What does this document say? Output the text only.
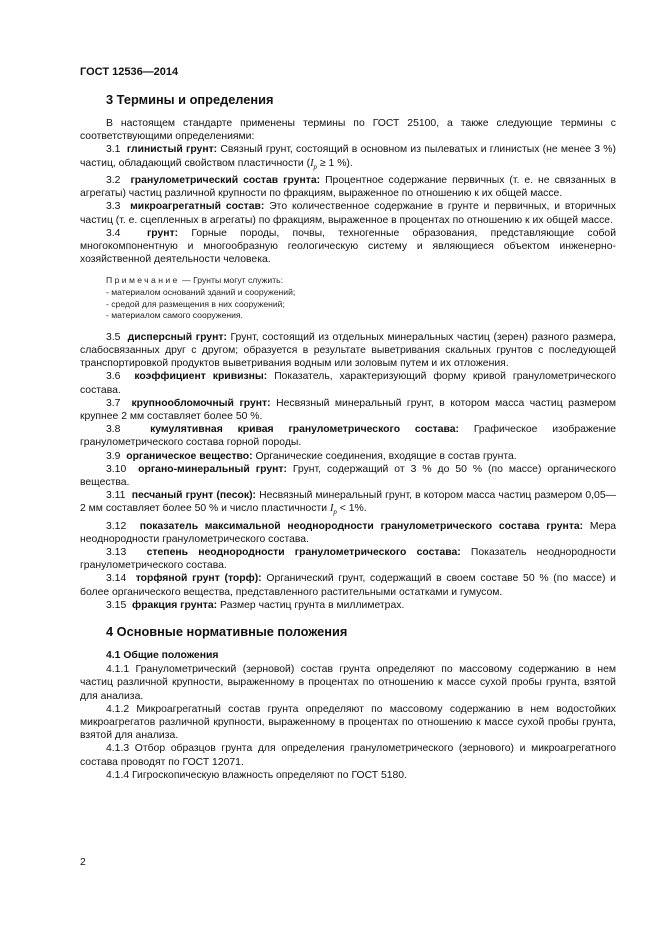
ГОСТ 12536—2014
3 Термины и определения

В настоящем стандарте применены термины по ГОСТ 25100, а также следующие термины с соответствующими определениями:

3.1 глинистый грунт: Связный грунт, состоящий в основном из пылеватых и глинистых (не менее 3 %) частиц, обладающий свойством пластичности ($I_p \ge 1$ %).

3.2 гранулометрический состав грунта: Процентное содержание первичных (т. е. не связанных в агрегаты) частиц различной крупности по фракциям, выраженное по отношению к их общей массе.

3.3 микроагрегатный состав: Это количественное содержание в грунте и первичных, и вторичных частиц (т. е. сцепленных в агрегаты) по фракциям, выраженное в процентах по отношению к их общей массе.

3.4	грунт: Горные породы, почвы, техногенные образования, представляющие собой многокомпонентную и многообразную геологическую систему и являющиеся объектом инженерно-хозяйственной деятельности человека.

Примечание — Грунты могут служить:
- материалом оснований зданий и сооружений;
- средой для размещения в них сооружений;
- материалом самого сооружения.

3.5 дисперсный грунт: Грунт, состоящий из отдельных минеральных частиц (зерен) разного размера, слабосвязанных друг с другом; образуется в результате выветривания скальных грунтов с последующей транспортировкой продуктов выветривания водным или золовым путем и их отложения.

3.6 коэффициент кривизны: Показатель, характеризующий форму кривой гранулометрического состава.

3.7 крупнообломочный грунт: Несвязный минеральный грунт, в котором масса частиц размером крупнее 2 мм составляет более 50 %.

3.8	кумулятивная кривая гранулометрического состава: Графическое изображение гранулометрического состава горной породы.

3.9 органическое вещество: Органические соединения, входящие в состав грунта.

3.10 органо-минеральный грунт: Грунт, содержащий от 3 % до 50 % (по массе) органического вещества.

3.11 песчаный грунт (песок): Несвязный минеральный грунт, в котором масса частиц размером 0,05—2 мм составляет более 50 % и число пластичности $I_p < 1\%$.

3.12 показатель максимальной неоднородности гранулометрического состава грунта: Мера неоднородности гранулометрического состава.

3.13 степень неоднородности гранулометрического состава: Показатель неоднородности гранулометрического состава.

3.14 торфяной грунт (торф): Органический грунт, содержащий в своем составе 50 % (по массе) и более органического вещества, представленного растительными остатками и гумусом.

3.15 фракция грунта: Размер частиц грунта в миллиметрах.

4 Основные нормативные положения
4.1 Общие положения

4.1.1 Гранулометрический (зерновой) состав грунта определяют по массовому содержанию в нем частиц различной крупности, выраженному в процентах по отношению к массе сухой пробы грунта, взятой для анализа.

4.1.2 Микроагрегатный состав грунта определяют по массовому содержанию в нем водостойких микроагрегатов различной крупности, выраженному в процентах по отношению к массе сухой пробы грунта, взятой для анализа.

4.1.3 Отбор образцов грунта для определения гранулометрического (зернового) и микроагрегатного состава проводят по ГОСТ 12071.

4.1.4 Гигроскопическую влажность определяют по ГОСТ 5180.

2
